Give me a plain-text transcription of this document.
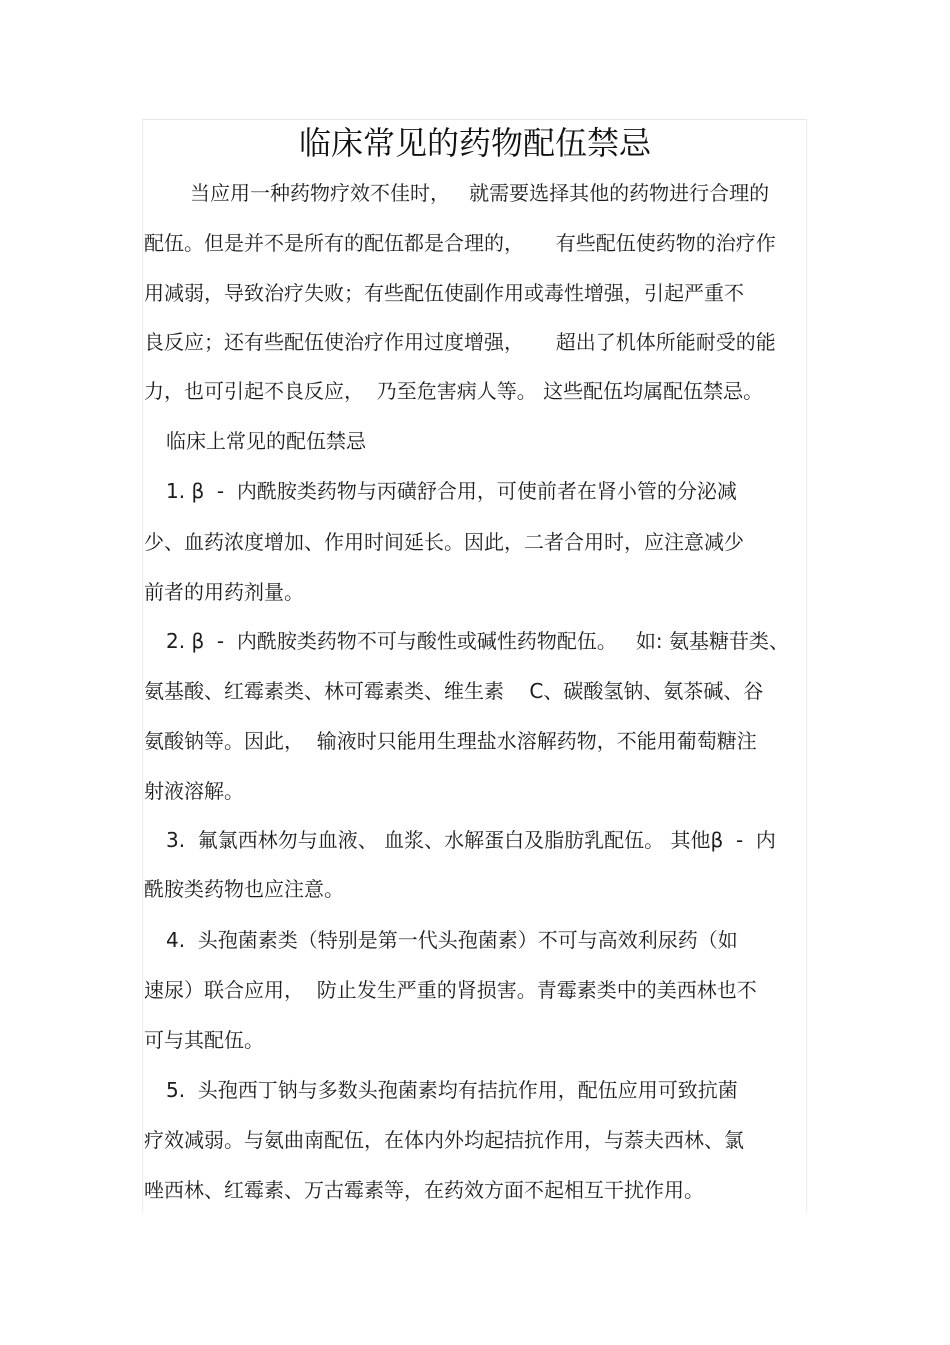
临床常见的药物配伍禁忌
当应用一种药物疗效不佳时，   就需要选择其他的药物进行合理的
配伍。但是并不是所有的配伍都是合理的，     有些配伍使药物的治疗作
用减弱，导致治疗失败；有些配伍使副作用或毒性增强，引起严重不
良反应；还有些配伍使治疗作用过度增强，     超出了机体所能耐受的能
力，也可引起不良反应，  乃至危害病人等。 这些配伍均属配伍禁忌。
临床上常见的配伍禁忌
1. β  -  内酰胺类药物与丙磺舒合用，可使前者在肾小管的分泌减
少、血药浓度增加、作用时间延长。因此，二者合用时，应注意减少
前者的用药剂量。
2. β  -  内酰胺类药物不可与酸性或碱性药物配伍。   如: 氨基糖苷类、
氨基酸、红霉素类、林可霉素类、维生素    C、碳酸氢钠、氨茶碱、谷
氨酸钠等。因此，  输液时只能用生理盐水溶解药物，不能用葡萄糖注
射液溶解。
3.  氟氯西林勿与血液、 血浆、水解蛋白及脂肪乳配伍。 其他β  -  内
酰胺类药物也应注意。
4.  头孢菌素类（特别是第一代头孢菌素）不可与高效利尿药（如
速尿）联合应用，  防止发生严重的肾损害。青霉素类中的美西林也不
可与其配伍。
5.  头孢西丁钠与多数头孢菌素均有拮抗作用，配伍应用可致抗菌
疗效减弱。与氨曲南配伍，在体内外均起拮抗作用，与萘夫西林、氯
唑西林、红霉素、万古霉素等，在药效方面不起相互干扰作用。
